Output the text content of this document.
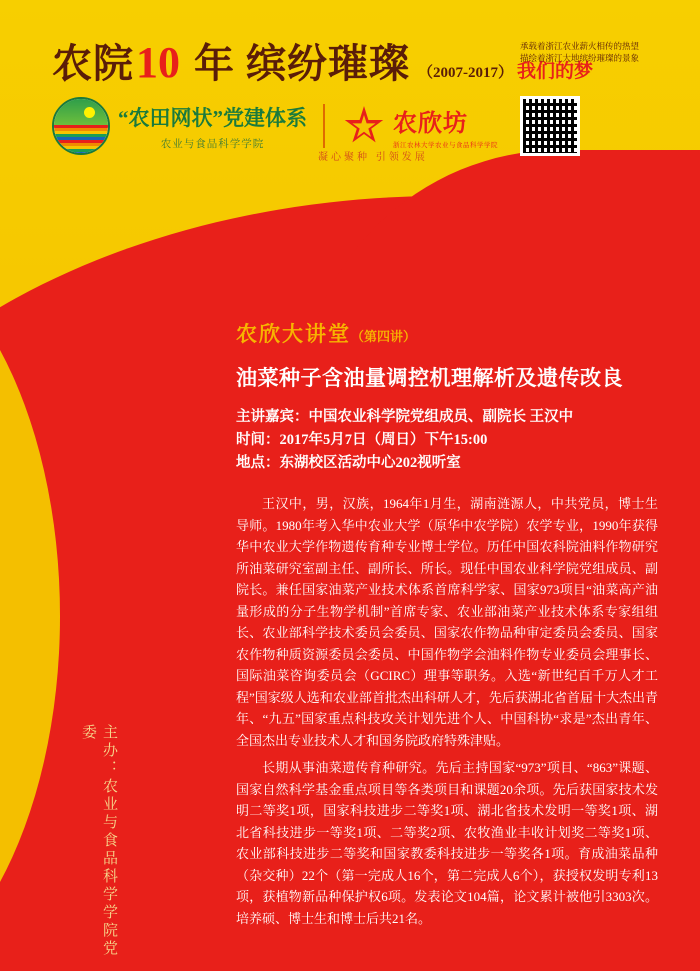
农院 10 年 缤纷璀璨 （2007-2017） 我们的梦
承载着浙江农业薪火相传的热望
描绘着浙江大地缤纷璀璨的景象
“农田网状”党建体系
农业与食品科学学院
农欣坊
浙江农林大学农业与食品科学学院
凝心聚种 引领发展
主办：农业与食品科学学院党委
农欣大讲堂（第四讲）
油菜种子含油量调控机理解析及遗传改良
主讲嘉宾：中国农业科学院党组成员、副院长 王汉中
时间：2017年5月7日（周日）下午15:00
地点：东湖校区活动中心202视听室

王汉中，男，汉族，1964年1月生，湖南涟源人，中共党员，博士生导师。1980年考入华中农业大学（原华中农学院）农学专业，1990年获得华中农业大学作物遗传育种专业博士学位。历任中国农科院油料作物研究所油菜研究室副主任、副所长、所长。现任中国农业科学院党组成员、副院长。兼任国家油菜产业技术体系首席科学家、国家973项目“油菜高产油量形成的分子生物学机制”首席专家、农业部油菜产业技术体系专家组组长、农业部科学技术委员会委员、国家农作物品种审定委员会委员、国家农作物种质资源委员会委员、中国作物学会油料作物专业委员会理事长、国际油菜咨询委员会（GCIRC）理事等职务。入选“新世纪百千万人才工程”国家级人选和农业部首批杰出科研人才，先后获湖北省首届十大杰出青年、“九五”国家重点科技攻关计划先进个人、中国科协“求是”杰出青年、全国杰出专业技术人才和国务院政府特殊津贴。

长期从事油菜遗传育种研究。先后主持国家“973”项目、“863”课题、国家自然科学基金重点项目等各类项目和课题20余项。先后获国家技术发明二等奖1项，国家科技进步二等奖1项、湖北省技术发明一等奖1项、湖北省科技进步一等奖1项、二等奖2项、农牧渔业丰收计划奖二等奖1项、农业部科技进步二等奖和国家教委科技进步一等奖各1项。育成油菜品种（杂交种）22个（第一完成人16个，第二完成人6个），获授权发明专利13项，获植物新品种保护权6项。发表论文104篇，论文累计被他引3303次。培养硕、博士生和博士后共21名。
